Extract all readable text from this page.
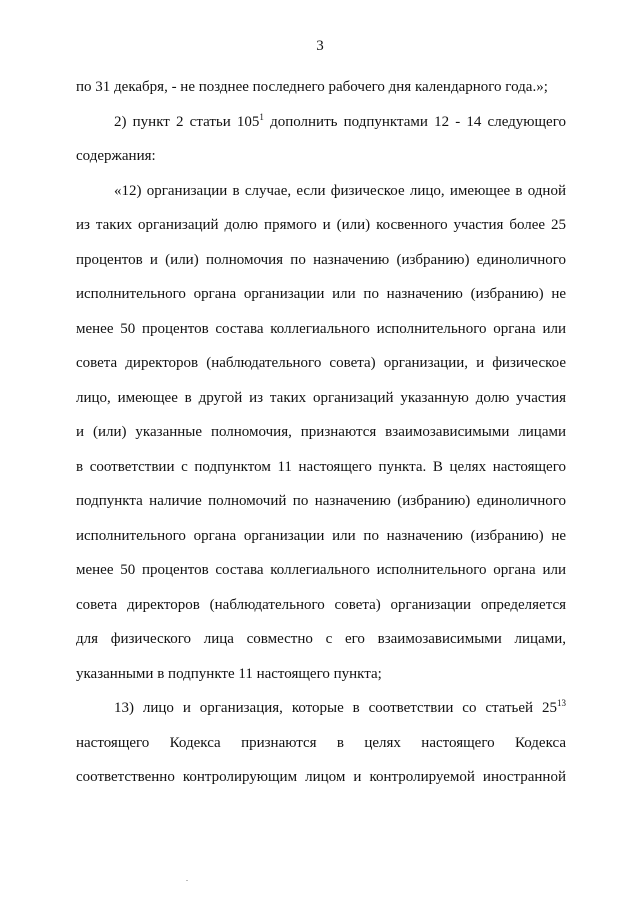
3
по 31 декабря, - не позднее последнего рабочего дня календарного года.»;
2) пункт 2 статьи $105^1$ дополнить подпунктами 12 - 14 следующего
содержания:
«12) организации в случае, если физическое лицо, имеющее в одной
из таких организаций долю прямого и (или) косвенного участия более 25
процентов и (или) полномочия по назначению (избранию) единоличного
исполнительного органа организации или по назначению (избранию) не
менее 50 процентов состава коллегиального исполнительного органа или
совета директоров (наблюдательного совета) организации, и физическое
лицо, имеющее в другой из таких организаций указанную долю участия
и (или) указанные полномочия, признаются взаимозависимыми лицами
в соответствии с подпунктом 11 настоящего пункта. В целях настоящего
подпункта наличие полномочий по назначению (избранию) единоличного
исполнительного органа организации или по назначению (избранию) не
менее 50 процентов состава коллегиального исполнительного органа или
совета директоров (наблюдательного совета) организации определяется
для физического лица совместно с его взаимозависимыми лицами,
указанными в подпункте 11 настоящего пункта;
13) лицо и организация, которые в соответствии со статьей $25^{13}$
настоящего Кодекса признаются в целях настоящего Кодекса
соответственно контролирующим лицом и контролируемой иностранной
